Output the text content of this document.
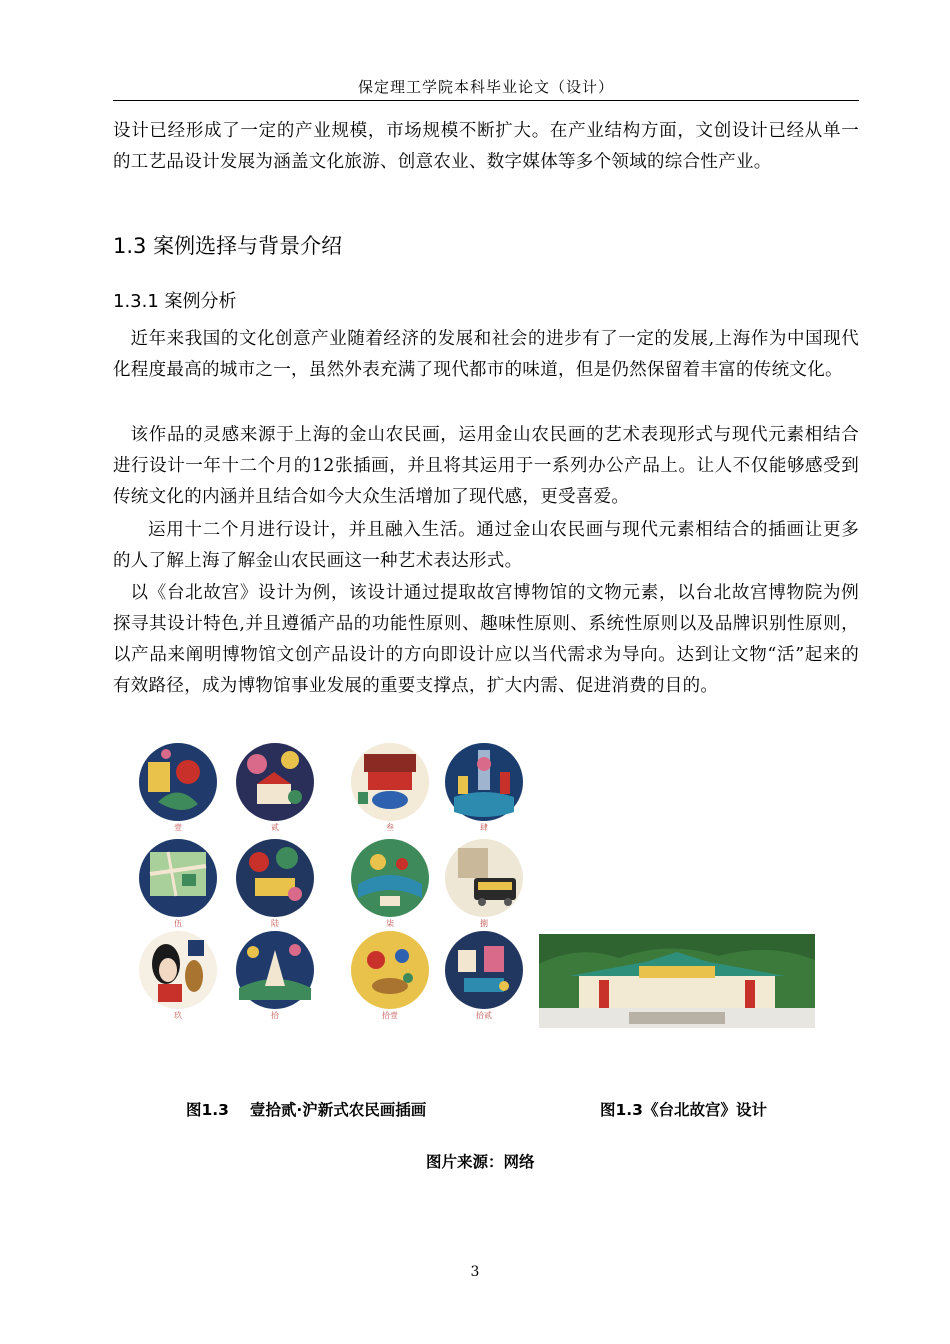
保定理工学院本科毕业论文（设计）

设计已经形成了一定的产业规模，市场规模不断扩大。在产业结构方面，文创设计已经从单一的工艺品设计发展为涵盖文化旅游、创意农业、数字媒体等多个领域的综合性产业。

1.3 案例选择与背景介绍
1.3.1 案例分析

近年来我国的文化创意产业随着经济的发展和社会的进步有了一定的发展,上海作为中国现代化程度最高的城市之一，虽然外表充满了现代都市的味道，但是仍然保留着丰富的传统文化。

该作品的灵感来源于上海的金山农民画，运用金山农民画的艺术表现形式与现代元素相结合进行设计一年十二个月的12张插画，并且将其运用于一系列办公产品上。让人不仅能够感受到传统文化的内涵并且结合如今大众生活增加了现代感，更受喜爱。

运用十二个月进行设计，并且融入生活。通过金山农民画与现代元素相结合的插画让更多的人了解上海了解金山农民画这一种艺术表达形式。

以《台北故宫》设计为例，该设计通过提取故宫博物馆的文物元素，以台北故宫博物院为例探寻其设计特色,并且遵循产品的功能性原则、趣味性原则、系统性原则以及品牌识别性原则，以产品来阐明博物馆文创产品设计的方向即设计应以当代需求为导向。达到让文物“活”起来的有效路径，成为博物馆事业发展的重要支撑点，扩大内需、促进消费的目的。

壹	贰	叁	肆
伍	陆	柒	捌
玖	拾	拾壹	拾贰
图1.3　 壹拾贰·沪新式农民画插画	图1.3《台北故宫》设计
图片来源：网络
3
